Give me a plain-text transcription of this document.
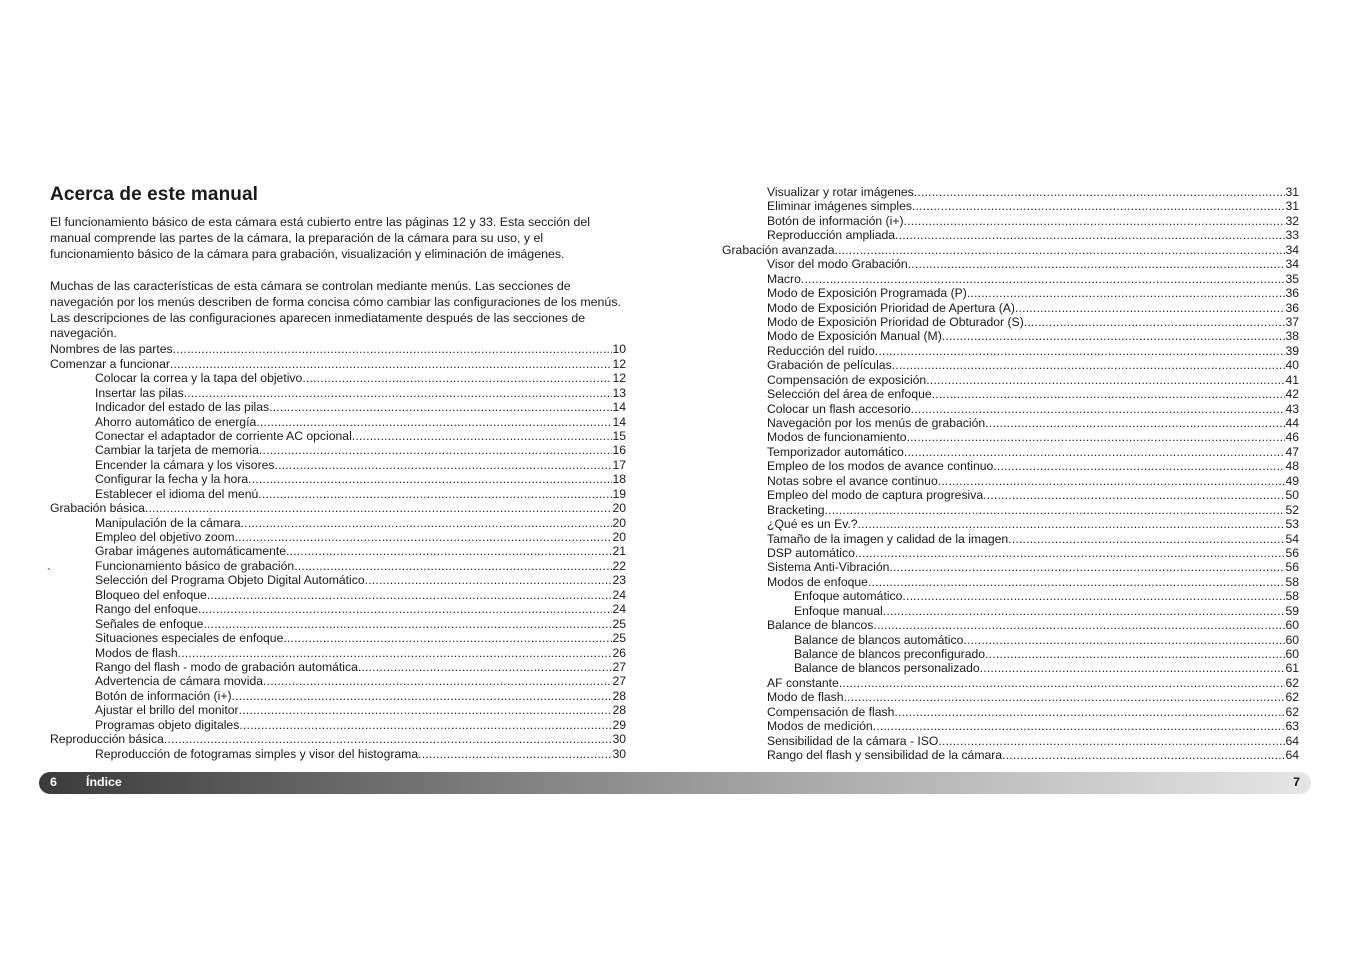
Acerca de este manual

El funcionamiento básico de esta cámara está cubierto entre las páginas 12 y 33. Esta sección del manual comprende las partes de la cámara, la preparación de la cámara para su uso, y el funcionamiento básico de la cámara para grabación, visualización y eliminación de imágenes.

Muchas de las características de esta cámara se controlan mediante menús. Las secciones de navegación por los menús describen de forma concisa cómo cambiar las configuraciones de los menús. Las descripciones de las configuraciones aparecen inmediatamente después de las secciones de navegación.

Nombres de las partes .....	10
Comenzar a funcionar .....	12
Colocar la correa y la tapa del objetivo .....	12
Insertar las pilas .....	13
Indicador del estado de las pilas .....	14
Ahorro automático de energía .....	14
Conectar el adaptador de corriente AC opcional .....	15
Cambiar la tarjeta de memoria .....	16
Encender la cámara y los visores .....	17
Configurar la fecha y la hora .....	18
Establecer el idioma del menú .....	19
Grabación básica .....	20
Manipulación de la cámara .....	20
Empleo del objetivo zoom .....	20
Grabar imágenes automáticamente .....	21
Funcionamiento básico de grabación .....	22
Selección del Programa Objeto Digital Automático .....	23
Bloqueo del enfoque .....	24
Rango del enfoque .....	24
Señales de enfoque .....	25
Situaciones especiales de enfoque .....	25
Modos de flash .....	26
Rango del flash - modo de grabación automática .....	27
Advertencia de cámara movida .....	27
Botón de información (i+) .....	28
Ajustar el brillo del monitor .....	28
Programas objeto digitales .....	29
Reproducción básica .....	30
Reproducción de fotogramas simples y visor del histograma .....	30
`
Visualizar y rotar imágenes .....	31
Eliminar imágenes simples .....	31
Botón de información (i+) .....	32
Reproducción ampliada .....	33
Grabación avanzada .....	34
Visor del modo Grabación .....	34
Macro .....	35
Modo de Exposición Programada (P) .....	36
Modo de Exposición Prioridad de Apertura (A) .....	36
Modo de Exposición Prioridad de Obturador (S) .....	37
Modo de Exposición Manual (M) .....	38
Reducción del ruido .....	39
Grabación de películas .....	40
Compensación de exposición .....	41
Selección del área de enfoque .....	42
Colocar un flash accesorio .....	43
Navegación por los menús de grabación .....	44
Modos de funcionamiento .....	46
Temporizador automático .....	47
Empleo de los modos de avance continuo .....	48
Notas sobre el avance continuo .....	49
Empleo del modo de captura progresiva .....	50
Bracketing .....	52
¿Qué es un Ev.? .....	53
Tamaño de la imagen y calidad de la imagen .....	54
DSP automático .....	56
Sistema Anti-Vibración .....	56
Modos de enfoque .....	58
Enfoque automático .....	58
Enfoque manual .....	59
Balance de blancos .....	60
Balance de blancos automático .....	60
Balance de blancos preconfigurado .....	60
Balance de blancos personalizado .....	61
AF constante .....	62
Modo de flash .....	62
Compensación de flash .....	62
Modos de medición .....	63
Sensibilidad de la cámara - ISO .....	64
Rango del flash y sensibilidad de la cámara .....	64
6 Índice	7
